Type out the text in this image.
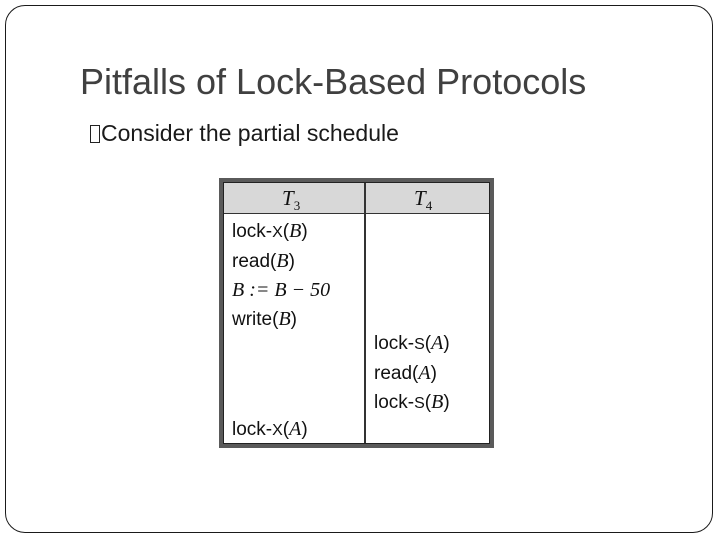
Pitfalls of Lock-Based Protocols
Consider the partial schedule
$T_3$	$T_4$
lock-X(B)
read(B)
B := B − 50
write(B)
lock-S(A)
read(A)
lock-S(B)
lock-X(A)
